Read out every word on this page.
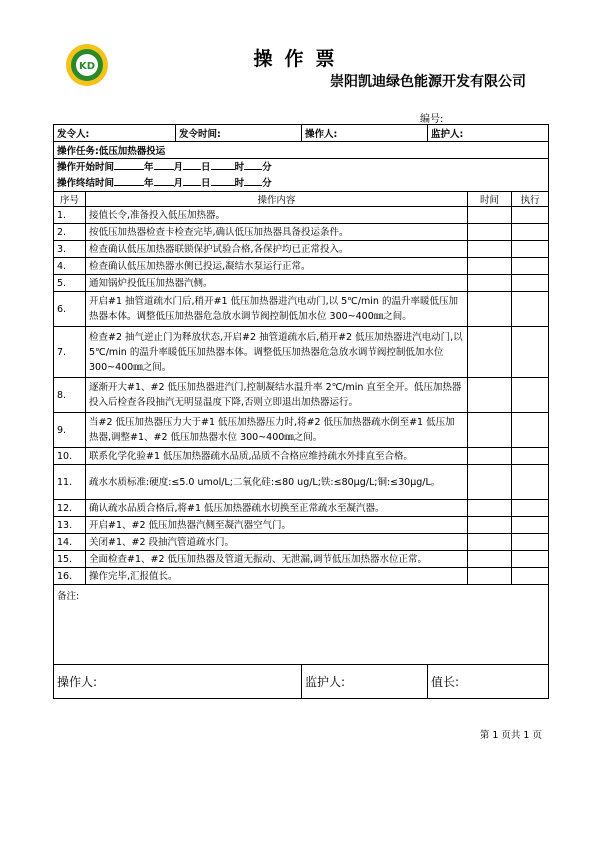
KD	操作票
崇阳凯迪绿色能源开发有限公司
编号:
发令人:		发令时间:	操作人:	监护人:		
操作任务:低压加热器投运						

操作开始时间 年 月 日 时 分
操作终结时间 年 月 日 时 分						

序号	操作内容				时间	执行
1.	接值长令,准备投入低压加热器。					
2.	按低压加热器检查卡检查完毕,确认低压加热器具备投运条件。					
3.	检查确认低压加热器联锁保护试验合格,各保护均已正常投入。					
4.	检查确认低压加热器水侧已投运,凝结水泵运行正常。					
5.	通知锅炉投低压加热器汽侧。					
6.	开启#1 抽管道疏水门后,稍开#1 低压加热器进汽电动门,以 5℃/min 的温升率暖低压加热器本体。调整低压加热器危急放水调节阀控制低加水位 300~400㎜之间。					
7.	检查#2 抽气逆止门为释放状态,开启#2 抽管道疏水后,稍开#2 低压加热器进汽电动门,以 5℃/min 的温升率暖低压加热器本体。调整低压加热器危急放水调节阀控制低加水位 300~400㎜之间。					
8.	逐渐开大#1、#2 低压加热器进汽门,控制凝结水温升率 2℃/min 直至全开。低压加热器投入后检查各段抽汽无明显温度下降,否则立即退出加热器运行。					
9.	当#2 低压加热器压力大于#1 低压加热器压力时,将#2 低压加热器疏水倒至#1 低压加热器,调整#1、#2 低压加热器水位 300~400㎜之间。					
10.	联系化学化验#1 低压加热器疏水品质,品质不合格应维持疏水外排直至合格。					
11.	疏水水质标准:硬度:≤5.0 umol/L;二氧化硅:≤80 ug/L;铁:≤80μg/L;铜:≤30μg/L。					
12.	确认疏水品质合格后,将#1 低压加热器疏水切换至正常疏水至凝汽器。					
13.	开启#1、#2 低压加热器汽侧至凝汽器空气门。					
14.	关闭#1、#2 段抽汽管道疏水门。					
15.	全面检查#1、#2 低压加热器及管道无振动、无泄漏,调节低压加热器水位正常。					
16.	操作完毕,汇报值长。					
备注:						
操作人:			监护人:	值长:		
第 1 页共 1 页
